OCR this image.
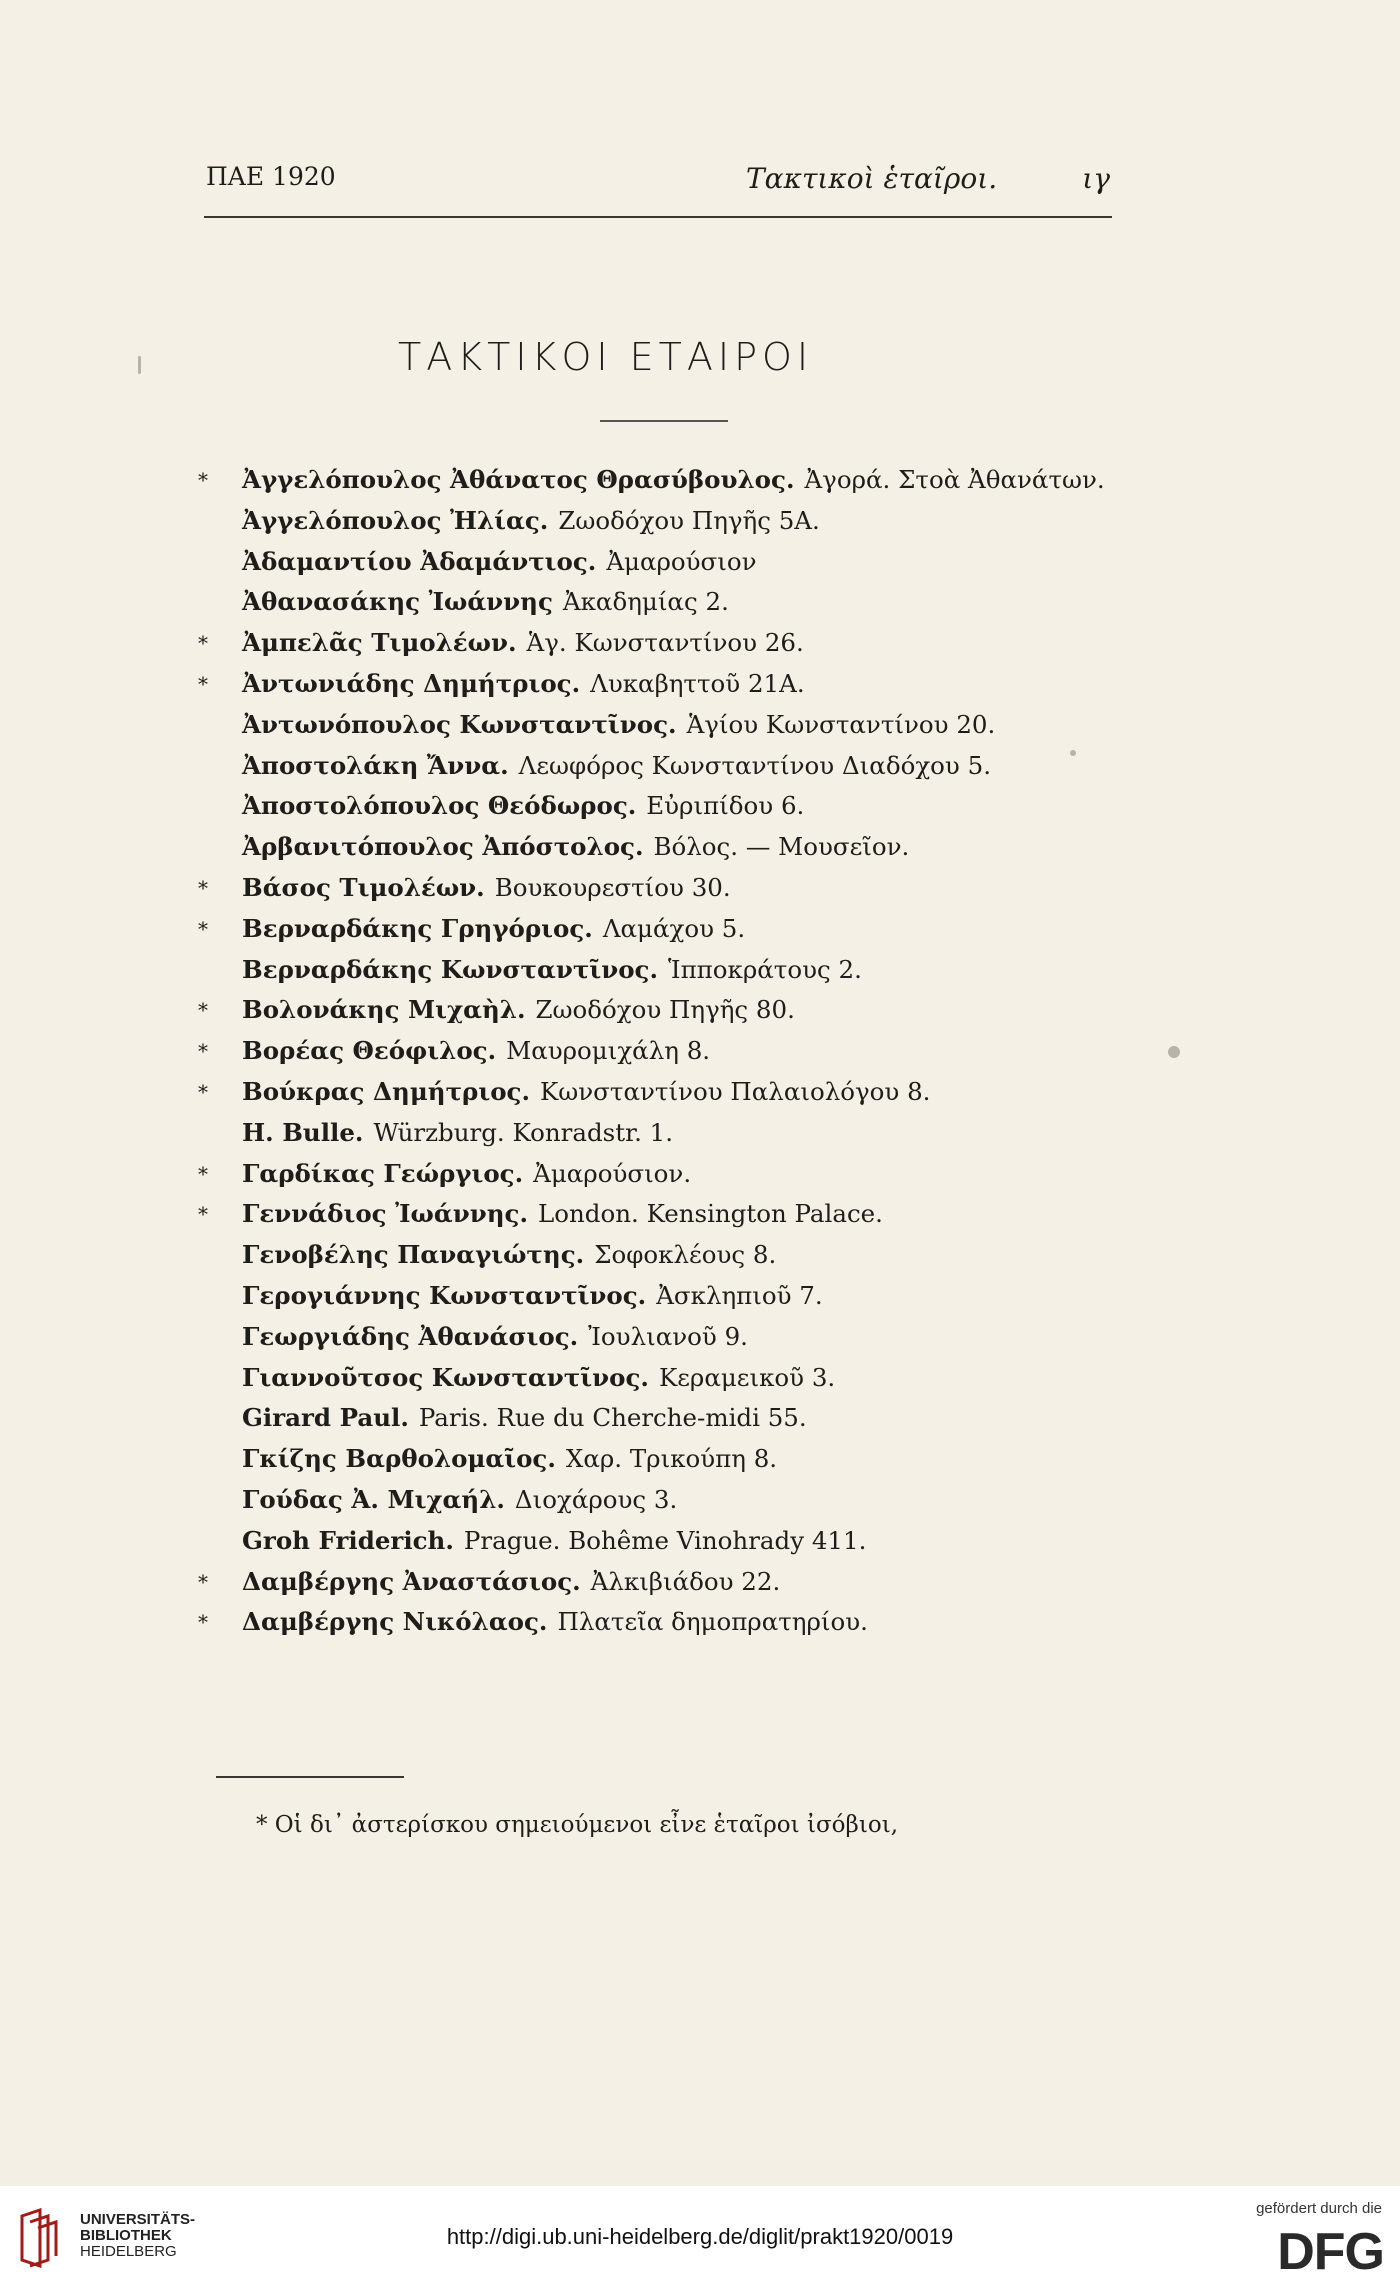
ΠΑΕ 1920	Τακτικοὶ ἑταῖροι.	ιγ
ΤΑΚΤΙΚΟΙ ΕΤΑΙΡΟΙ
*	Ἀγγελόπουλος Ἀθάνατος Θρασύβουλος. Ἀγορά. Στοὰ Ἀθανάτων.
Ἀγγελόπουλος Ἠλίας. Ζωοδόχου Πηγῆς 5Α.
Ἀδαμαντίου Ἀδαμάντιος. Ἀμαρούσιον
Ἀθανασάκης Ἰωάννης Ἀκαδημίας 2.
*	Ἀμπελᾶς Τιμολέων. Ἁγ. Κωνσταντίνου 26.
*	Ἀντωνιάδης Δημήτριος. Λυκαβηττοῦ 21Α.
Ἀντωνόπουλος Κωνσταντῖνος. Ἁγίου Κωνσταντίνου 20.
Ἀποστολάκη Ἄννα. Λεωφόρος Κωνσταντίνου Διαδόχου 5.
Ἀποστολόπουλος Θεόδωρος. Εὐριπίδου 6.
Ἀρβανιτόπουλος Ἀπόστολος. Βόλος. — Μουσεῖον.
*	Βάσος Τιμολέων. Βουκουρεστίου 30.
*	Βερναρδάκης Γρηγόριος. Λαμάχου 5.
Βερναρδάκης Κωνσταντῖνος. Ἱπποκράτους 2.
*	Βολονάκης Μιχαὴλ. Ζωοδόχου Πηγῆς 80.
*	Βορέας Θεόφιλος. Μαυρομιχάλη 8.
*	Βούκρας Δημήτριος. Κωνσταντίνου Παλαιολόγου 8.
H. Bulle. Würzburg. Konradstr. 1.
*	Γαρδίκας Γεώργιος. Ἀμαρούσιον.
*	Γεννάδιος Ἰωάννης. London. Kensington Palace.
Γενοβέλης Παναγιώτης. Σοφοκλέους 8.
Γερογιάννης Κωνσταντῖνος. Ἀσκληπιοῦ 7.
Γεωργιάδης Ἀθανάσιος. Ἰουλιανοῦ 9.
Γιαννοῦτσος Κωνσταντῖνος. Κεραμεικοῦ 3.
Girard Paul. Paris. Rue du Cherche-midi 55.
Γκίζης Βαρθολομαῖος. Χαρ. Τρικούπη 8.
Γούδας Ἀ. Μιχαήλ. Διοχάρους 3.
Groh Friderich. Prague. Bohême Vinohrady 411.
*	Δαμβέργης Ἀναστάσιος. Ἀλκιβιάδου 22.
*	Δαμβέργης Νικόλαος. Πλατεῖα δημοπρατηρίου.
* Οἱ δι᾿ ἀστερίσκου σημειούμενοι εἶνε ἑταῖροι ἰσόβιοι,
UNIVERSITÄTS-
BIBLIOTHEK
HEIDELBERG
http://digi.ub.uni-heidelberg.de/diglit/prakt1920/0019
gefördert durch die
DFG
